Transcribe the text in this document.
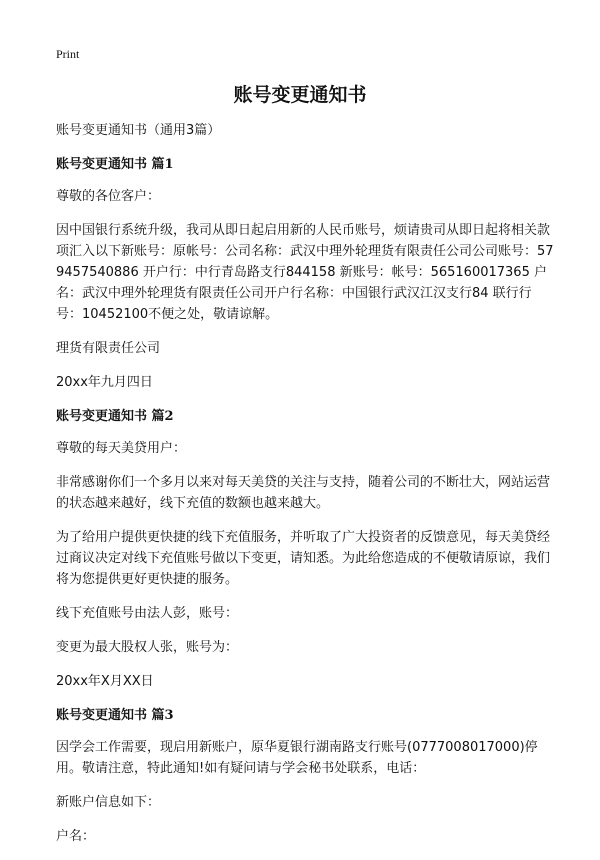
Print
账号变更通知书
账号变更通知书（通用3篇）
账号变更通知书 篇1
尊敬的各位客户：
因中国银行系统升级，我司从即日起启用新的人民币账号，烦请贵司从即日起将相关款项汇入以下新账号：原帐号：公司名称：武汉中理外轮理货有限责任公司公司账号：579457540886 开户行：中行青岛路支行844158 新账号：帐号：565160017365 户名：武汉中理外轮理货有限责任公司开户行名称：中国银行武汉江汉支行84 联行行号：10452100不便之处，敬请谅解。
理货有限责任公司
20xx年九月四日
账号变更通知书 篇2
尊敬的每天美贷用户：
非常感谢你们一个多月以来对每天美贷的关注与支持，随着公司的不断壮大，网站运营的状态越来越好，线下充值的数额也越来越大。
为了给用户提供更快捷的线下充值服务，并听取了广大投资者的反馈意见，每天美贷经过商议决定对线下充值账号做以下变更，请知悉。为此给您造成的不便敬请原谅，我们将为您提供更好更快捷的服务。
线下充值账号由法人彭，账号：
变更为最大股权人张，账号为：
20xx年X月XX日
账号变更通知书 篇3
因学会工作需要，现启用新账户，原华夏银行湖南路支行账号(0777008017000)停用。敬请注意，特此通知!如有疑问请与学会秘书处联系，电话：
新账户信息如下：
户名：
